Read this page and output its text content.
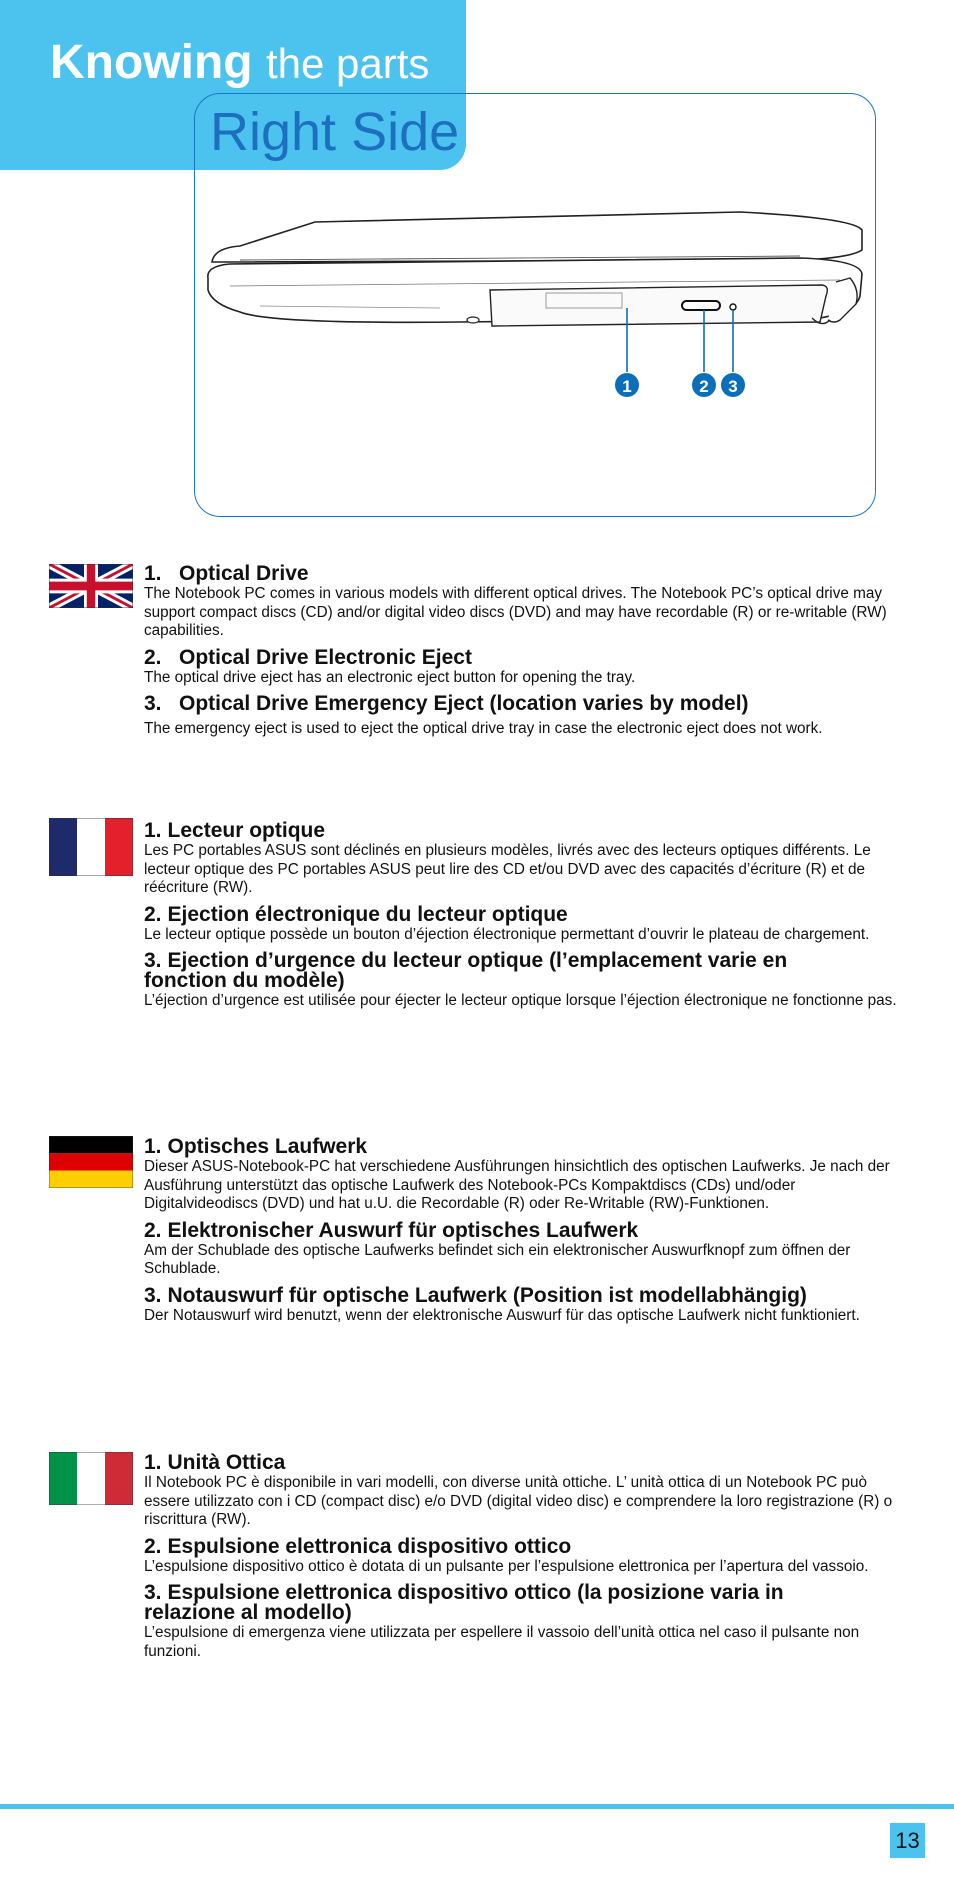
Knowing the parts
Right Side
1	2 3

1. Optical Drive

The Notebook PC comes in various models with different optical drives. The Notebook PC’s optical drive may support compact discs (CD) and/or digital video discs (DVD) and may have recordable (R) or re-writable (RW) capabilities.

2. Optical Drive Electronic Eject

The optical drive eject has an electronic eject button for opening the tray.

3. Optical Drive Emergency Eject (location varies by model)

The emergency eject is used to eject the optical drive tray in case the electronic eject does not work.

1. Lecteur optique

Les PC portables ASUS sont déclinés en plusieurs modèles, livrés avec des lecteurs optiques différents. Le lecteur optique des PC portables ASUS peut lire des CD et/ou DVD avec des capacités d’écriture (R) et de réécriture (RW).

2. Ejection électronique du lecteur optique

Le lecteur optique possède un bouton d’éjection électronique permettant d’ouvrir le plateau de chargement.

3. Ejection d’urgence du lecteur optique (l’emplacement varie en fonction du modèle)

L’éjection d’urgence est utilisée pour éjecter le lecteur optique lorsque l’éjection électronique ne fonctionne pas.

1. Optisches Laufwerk

Dieser ASUS-Notebook-PC hat verschiedene Ausführungen hinsichtlich des optischen Laufwerks. Je nach der Ausführung unterstützt das optische Laufwerk des Notebook-PCs Kompaktdiscs (CDs) und/oder Digitalvideodiscs (DVD) und hat u.U. die Recordable (R) oder Re-Writable (RW)-Funktionen.

2. Elektronischer Auswurf für optisches Laufwerk

Am der Schublade des optische Laufwerks befindet sich ein elektronischer Auswurfknopf zum öffnen der Schublade.

3. Notauswurf für optische Laufwerk (Position ist modellabhängig)

Der Notauswurf wird benutzt, wenn der elektronische Auswurf für das optische Laufwerk nicht funktioniert.

1. Unità Ottica

Il Notebook PC è disponibile in vari modelli, con diverse unità ottiche. L’ unità ottica di un Notebook PC può essere utilizzato con i CD (compact disc) e/o DVD (digital video disc) e comprendere la loro registrazione (R) o riscrittura (RW).

2. Espulsione elettronica dispositivo ottico

L’espulsione dispositivo ottico è dotata di un pulsante per l’espulsione elettronica per l’apertura del vassoio.

3. Espulsione elettronica dispositivo ottico (la posizione varia in relazione al modello)

L’espulsione di emergenza viene utilizzata per espellere il vassoio dell’unità ottica nel caso il pulsante non funzioni.

13
